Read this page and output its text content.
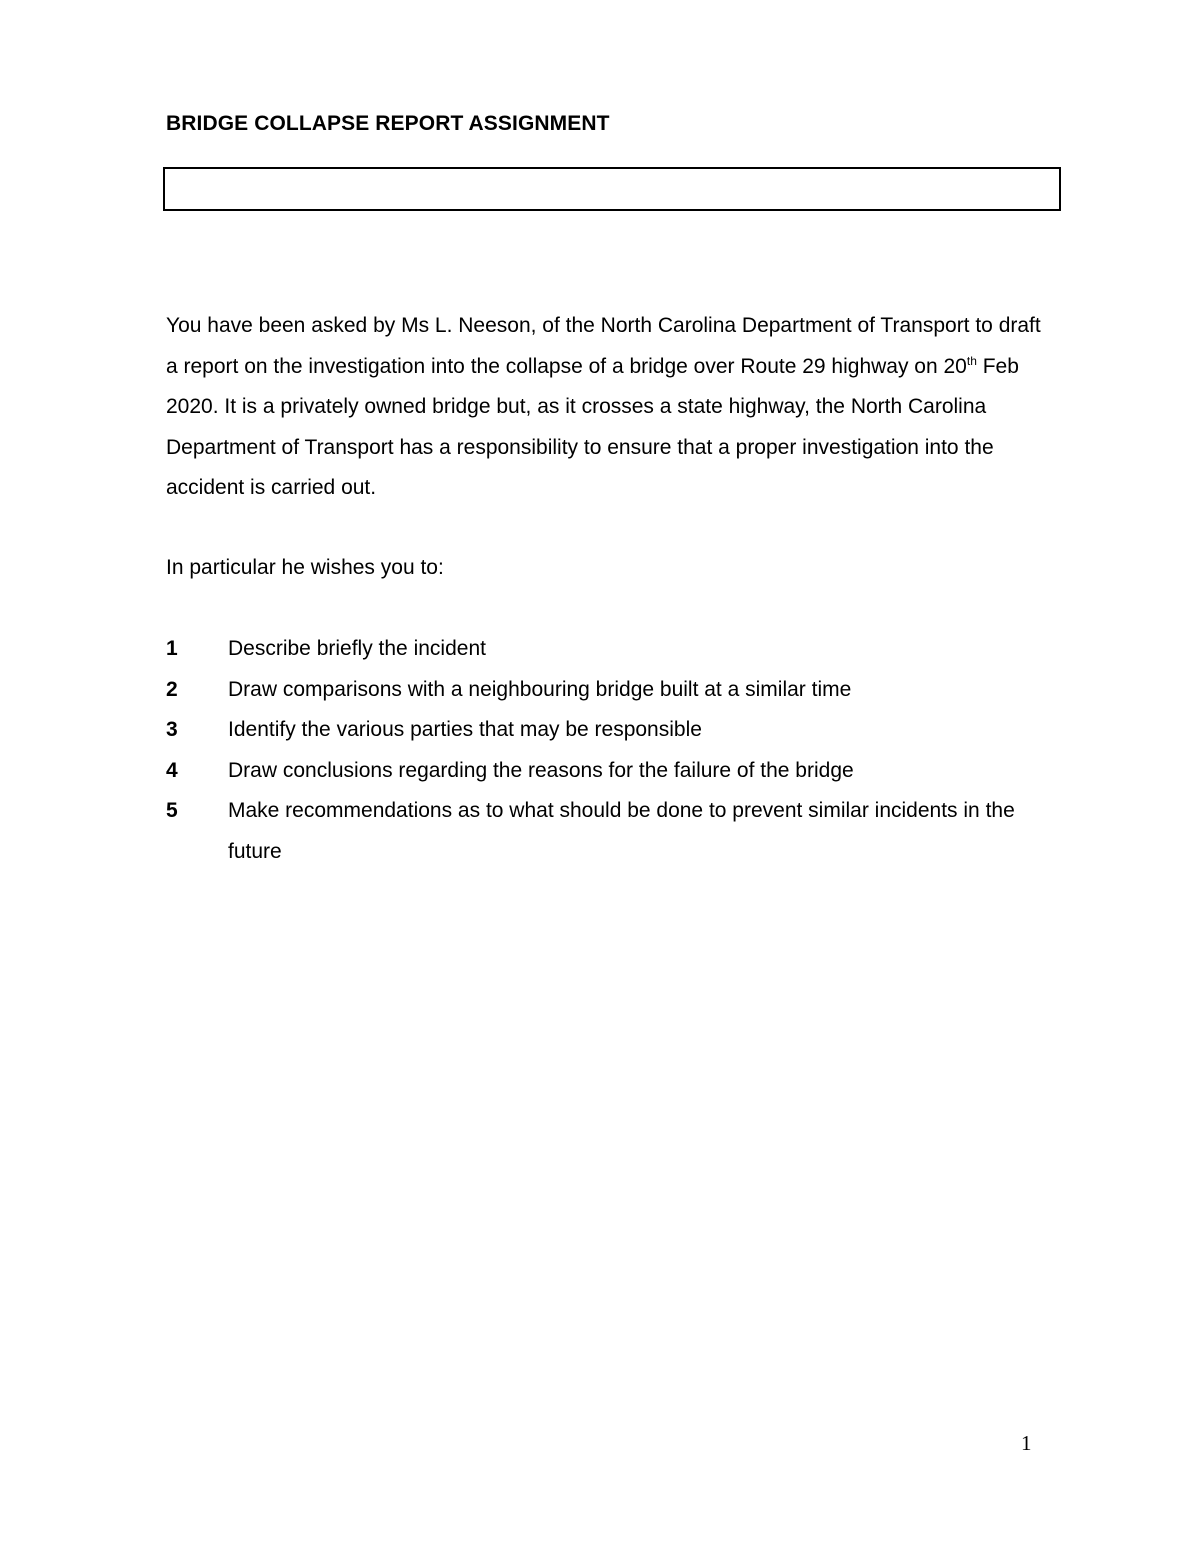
BRIDGE COLLAPSE REPORT ASSIGNMENT

You have been asked by Ms L. Neeson, of the North Carolina Department of Transport to draft a report on the investigation into the collapse of a bridge over Route 29 highway on 20th Feb 2020. It is a privately owned bridge but, as it crosses a state highway, the North Carolina Department of Transport has a responsibility to ensure that a proper investigation into the accident is carried out.

In particular he wishes you to:

1	Describe briefly the incident
2	Draw comparisons with a neighbouring bridge built at a similar time
3	Identify the various parties that may be responsible
4	Draw conclusions regarding the reasons for the failure of the bridge
5	Make recommendations as to what should be done to prevent similar incidents in the future

1
